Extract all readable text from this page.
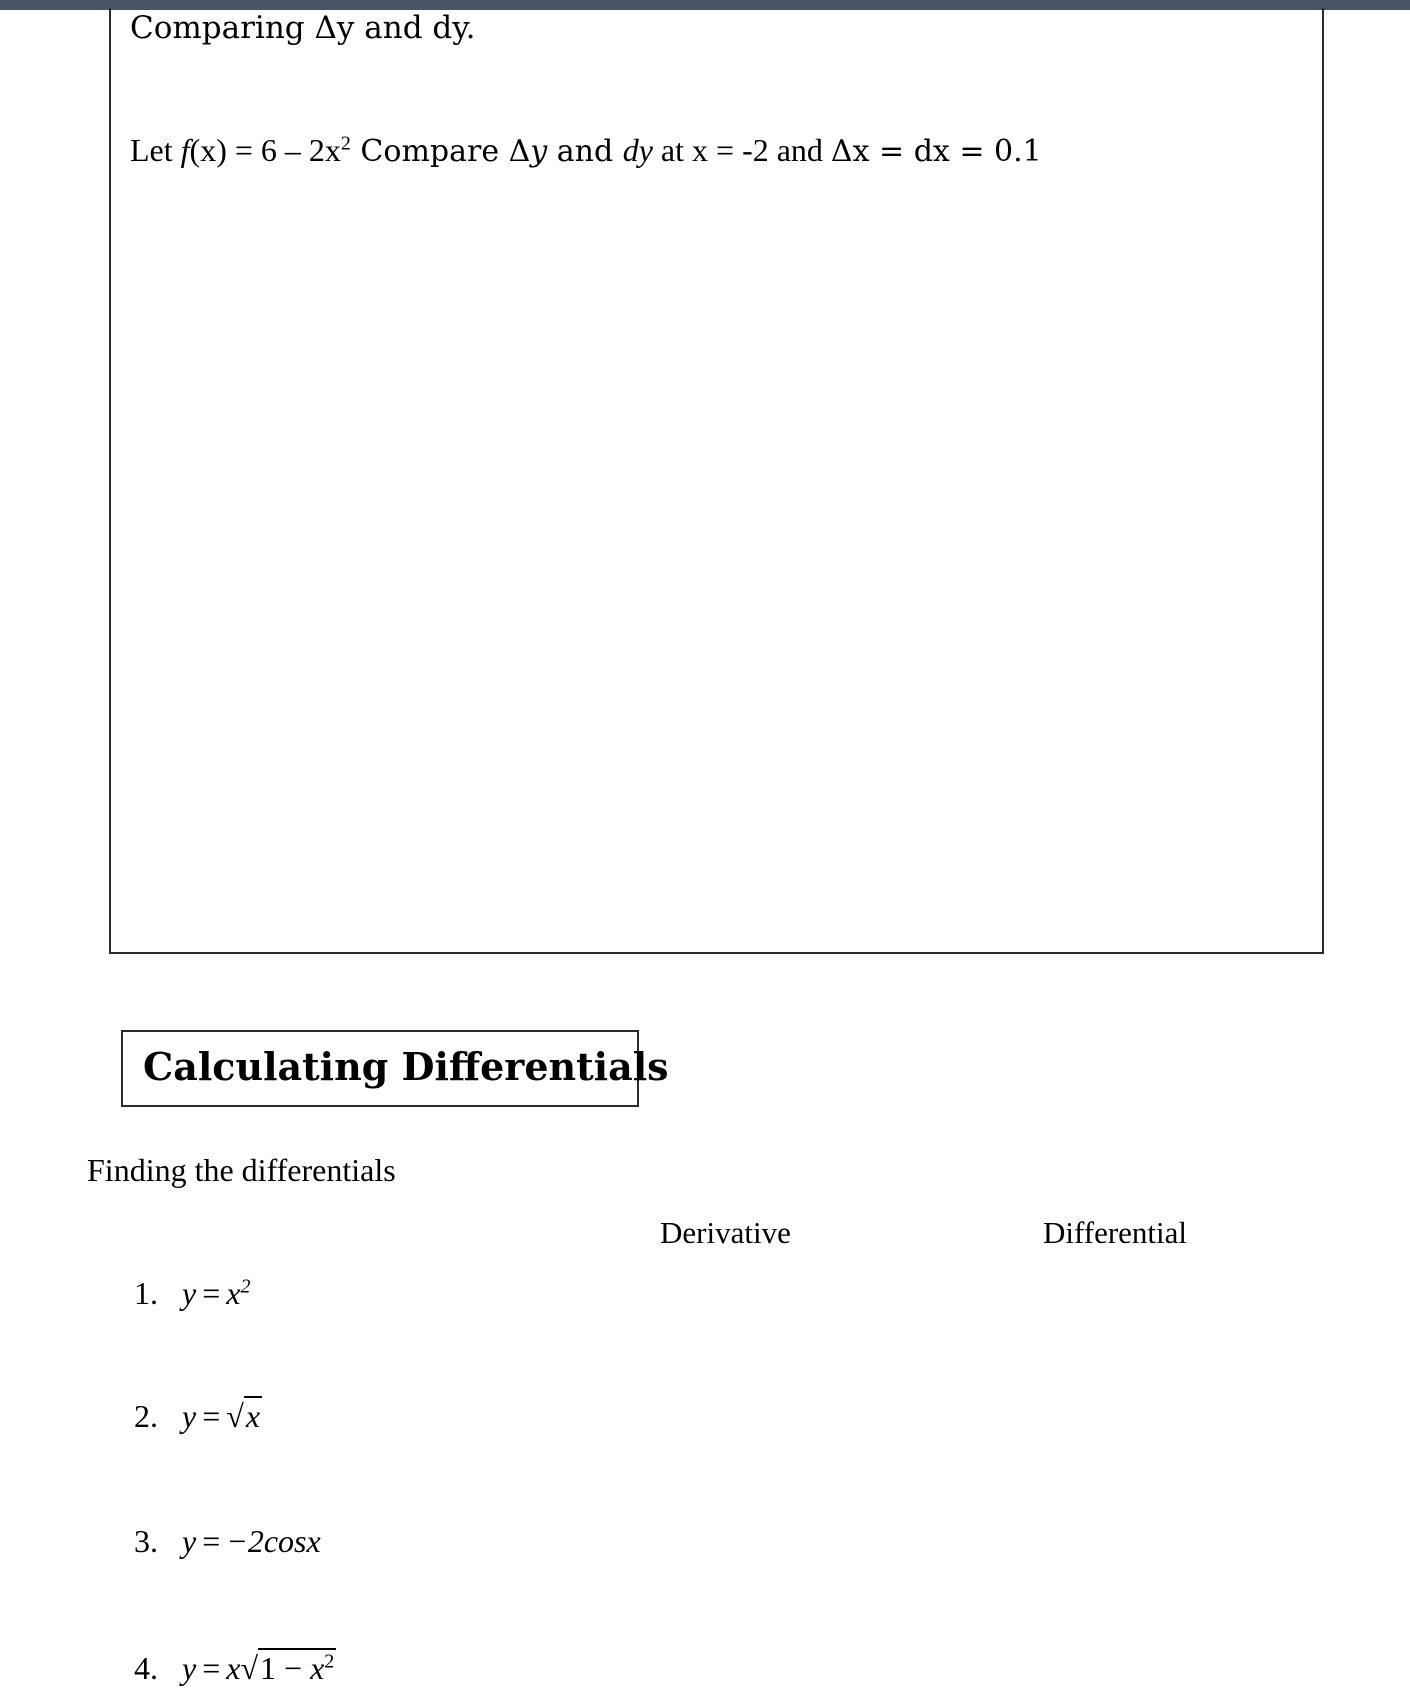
Comparing Δy and dy.
Let $f(x) = 6 - 2x^2$ Compare Δy and dy at x = -2 and Δx = dx = 0.1
Calculating Differentials
Finding the differentials
Derivative	Differential
1. $y = x^2$
2. y = √x
3. y = −2cosx
4. $y = x√1 - x^2$
